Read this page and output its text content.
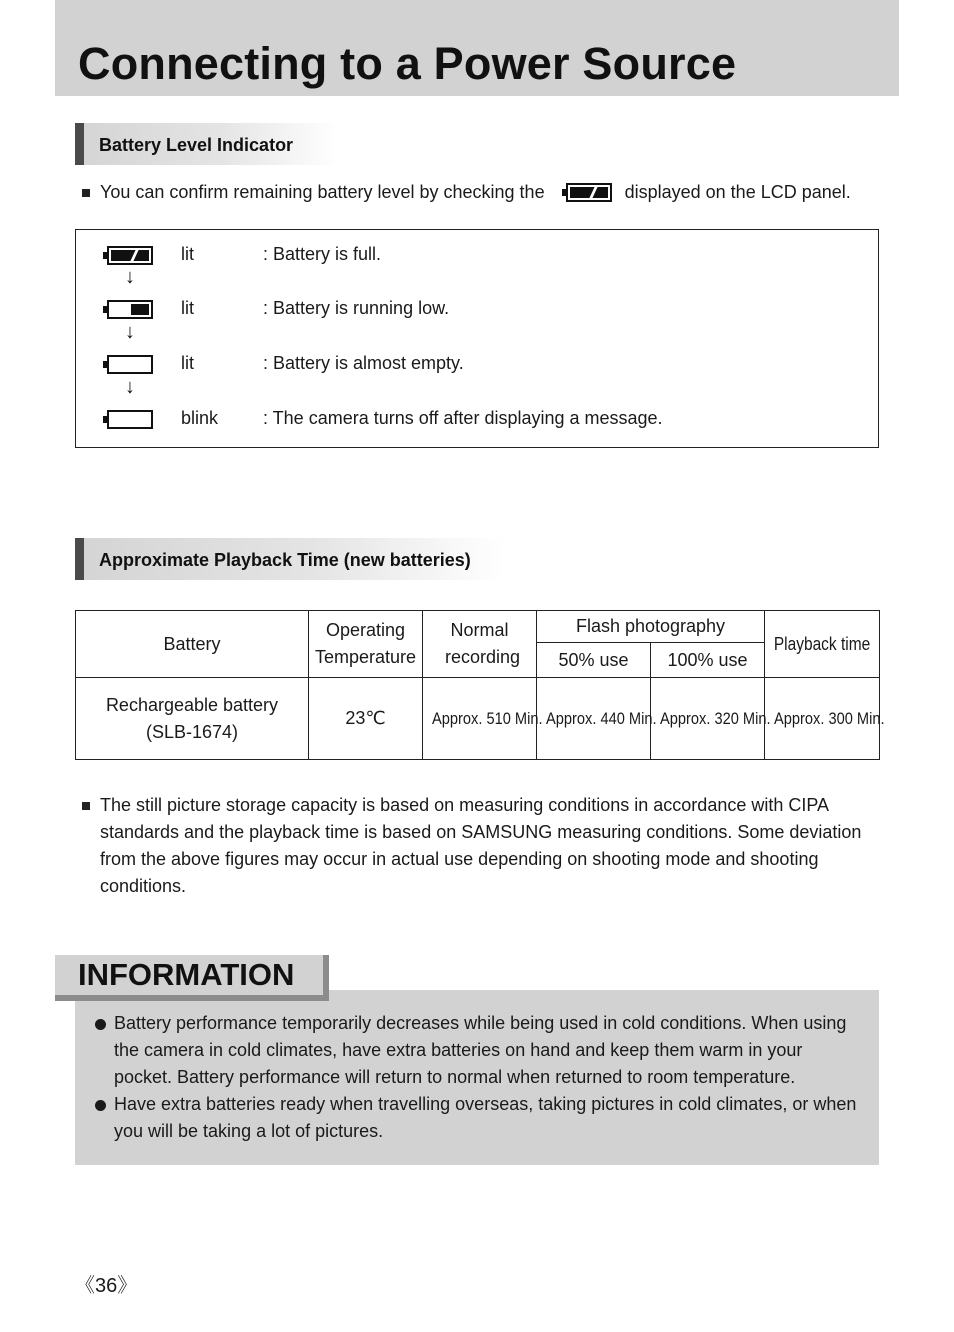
Connecting to a Power Source
Battery Level Indicator
You can confirm remaining battery level by checking the	displayed on the LCD panel.
lit	: Battery is full.
↓
lit	: Battery is running low.
↓
lit	: Battery is almost empty.
↓
blink : The camera turns off after displaying a message.
Approximate Playback Time (new batteries)
Battery	Operating Temperature	Normal recording	Flash photography		Playback time
			50% use	100% use	

Rechargeable battery
(SLB-1674)	23℃	Approx. 510 Min.	Approx. 440 Min.	Approx. 320 Min.	Approx. 300 Min.
The still picture storage capacity is based on measuring conditions in accordance with CIPA standards and the playback time is based on SAMSUNG measuring conditions. Some deviation from the above figures may occur in actual use depending on shooting mode and shooting conditions.
Battery performance temporarily decreases while being used in cold conditions. When using the camera in cold climates, have extra batteries on hand and keep them warm in your pocket. Battery performance will return to normal when returned to room temperature.
Have extra batteries ready when travelling overseas, taking pictures in cold climates, or when you will be taking a lot of pictures.
INFORMATION
《36》
